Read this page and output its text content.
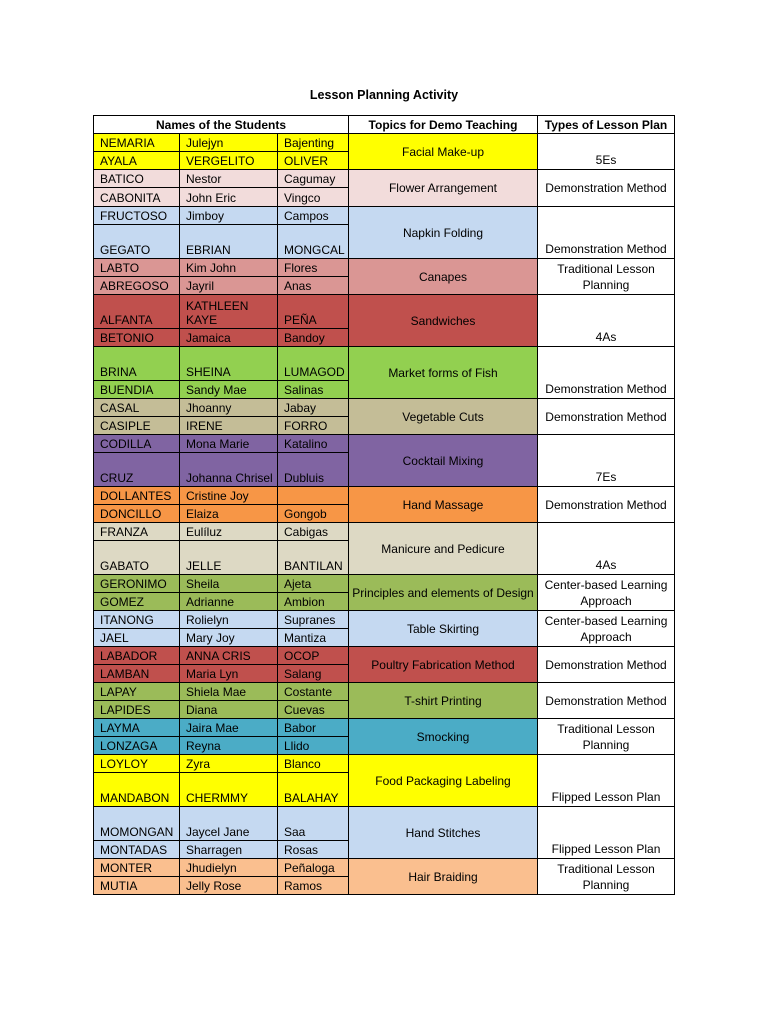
Lesson Planning Activity
Names of the Students			Topics for Demo Teaching	Types of Lesson Plan
NEMARIA	Julejyn	Bajenting	Facial Make-up	5Es
AYALA	VERGELITO	OLIVER		
BATICO	Nestor	Cagumay	Flower Arrangement	Demonstration Method
CABONITA	John Eric	Vingco		
FRUCTOSO	Jimboy	Campos	Napkin Folding	Demonstration Method
GEGATO	EBRIAN	MONGCAL		
LABTO	Kim John	Flores	Canapes	Traditional Lesson Planning
ABREGOSO	Jayril	Anas		
ALFANTA	KATHLEEN KAYE	PEÑA	Sandwiches	4As
BETONIO	Jamaica	Bandoy		
BRINA	SHEINA	LUMAGOD	Market forms of Fish	Demonstration Method
BUENDIA	Sandy Mae	Salinas		
CASAL	Jhoanny	Jabay	Vegetable Cuts	Demonstration Method
CASIPLE	IRENE	FORRO		
CODILLA	Mona Marie	Katalino	Cocktail Mixing	7Es
CRUZ	Johanna Chrisel	Dubluis		
DOLLANTES	Cristine Joy		Hand Massage	Demonstration Method
DONCILLO	Elaiza	Gongob		
FRANZA	Eulíluz	Cabigas	Manicure and Pedicure	4As
GABATO	JELLE	BANTILAN		
GERONIMO	Sheila	Ajeta	Principles and elements of Design	Center-based Learning Approach
GOMEZ	Adrianne	Ambion		
ITANONG	Rolielyn	Supranes	Table Skirting	Center-based Learning Approach
JAEL	Mary Joy	Mantiza		
LABADOR	ANNA CRIS	OCOP	Poultry Fabrication Method	Demonstration Method
LAMBAN	Maria Lyn	Salang		
LAPAY	Shiela Mae	Costante	T-shirt Printing	Demonstration Method
LAPIDES	Diana	Cuevas		
LAYMA	Jaira Mae	Babor	Smocking	Traditional Lesson Planning
LONZAGA	Reyna	Llido		
LOYLOY	Zyra	Blanco	Food Packaging Labeling	Flipped Lesson Plan
MANDABON	CHERMMY	BALAHAY		
MOMONGAN	Jaycel Jane	Saa	Hand Stitches	Flipped Lesson Plan
MONTADAS	Sharragen	Rosas		
MONTER	Jhudielyn	Peñaloga	Hair Braiding	Traditional Lesson Planning
MUTIA	Jelly Rose	Ramos		
